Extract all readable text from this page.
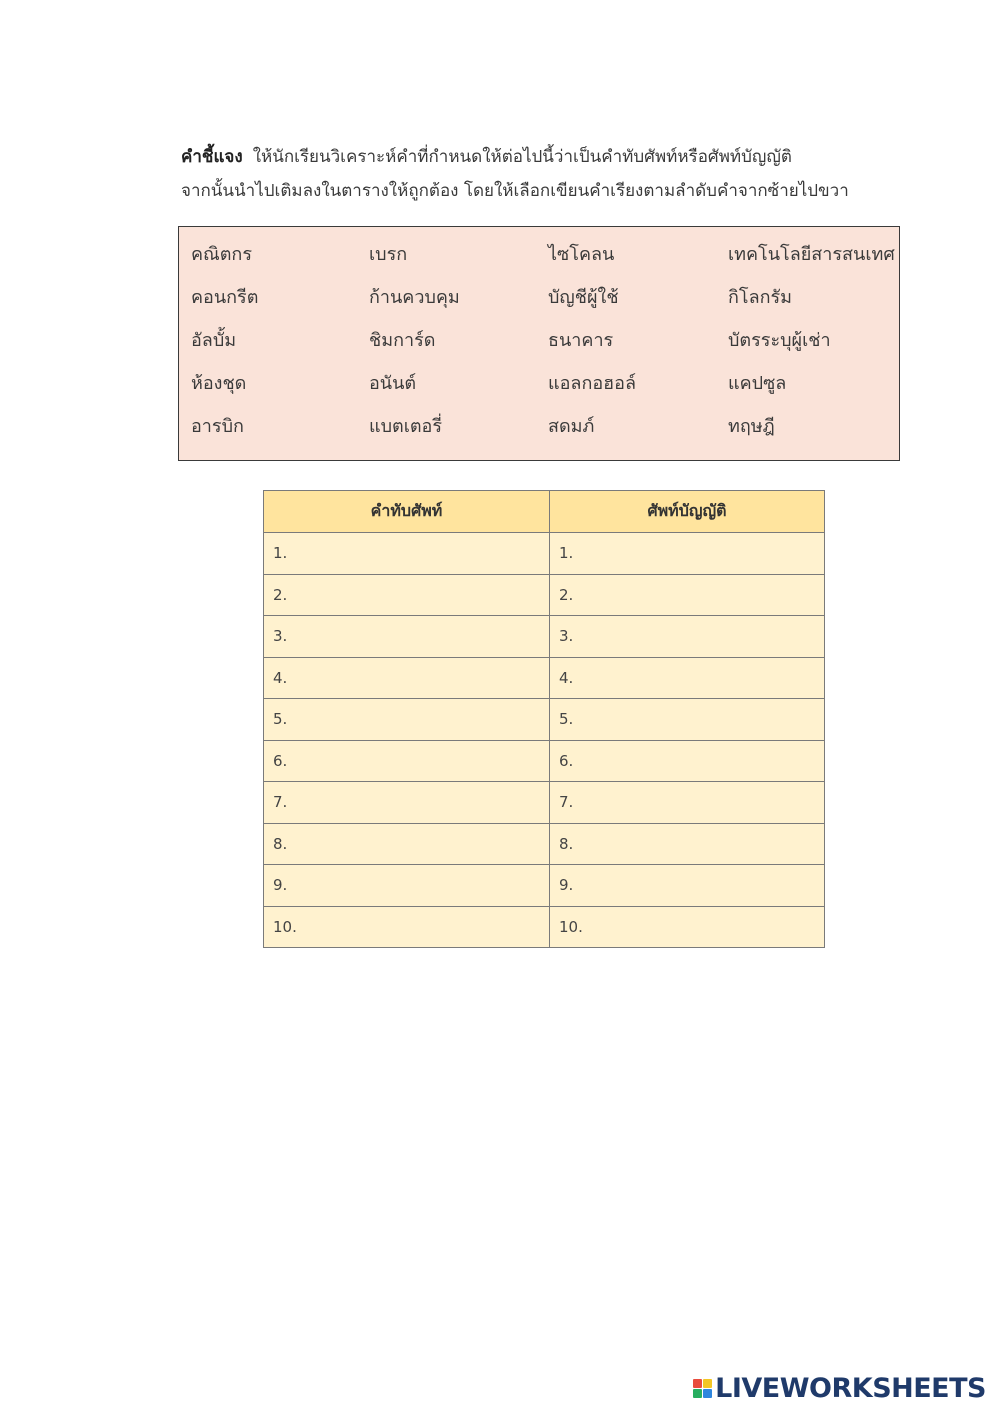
คำชี้แจง ให้นักเรียนวิเคราะห์คำที่กำหนดให้ต่อไปนี้ว่าเป็นคำทับศัพท์หรือศัพท์บัญญัติ
จากนั้นนำไปเติมลงในตารางให้ถูกต้อง โดยให้เลือกเขียนคำเรียงตามลำดับคำจากซ้ายไปขวา
คณิตกร	เบรก	ไซโคลน	เทคโนโลยีสารสนเทศ
คอนกรีต	ก้านควบคุม	บัญชีผู้ใช้	กิโลกรัม
อัลบั้ม	ชิมการ์ด	ธนาคาร	บัตรระบุผู้เช่า
ห้องชุด	อนันต์	แอลกอฮอล์	แคปซูล
อารบิก	แบตเตอรี่	สดมภ์	ทฤษฎี
คำทับศัพท์	ศัพท์บัญญัติ
1.	1.
2.	2.
3.	3.
4.	4.
5.	5.
6.	6.
7.	7.
8.	8.
9.	9.
10.	10.
LIVEWORKSHEETS
